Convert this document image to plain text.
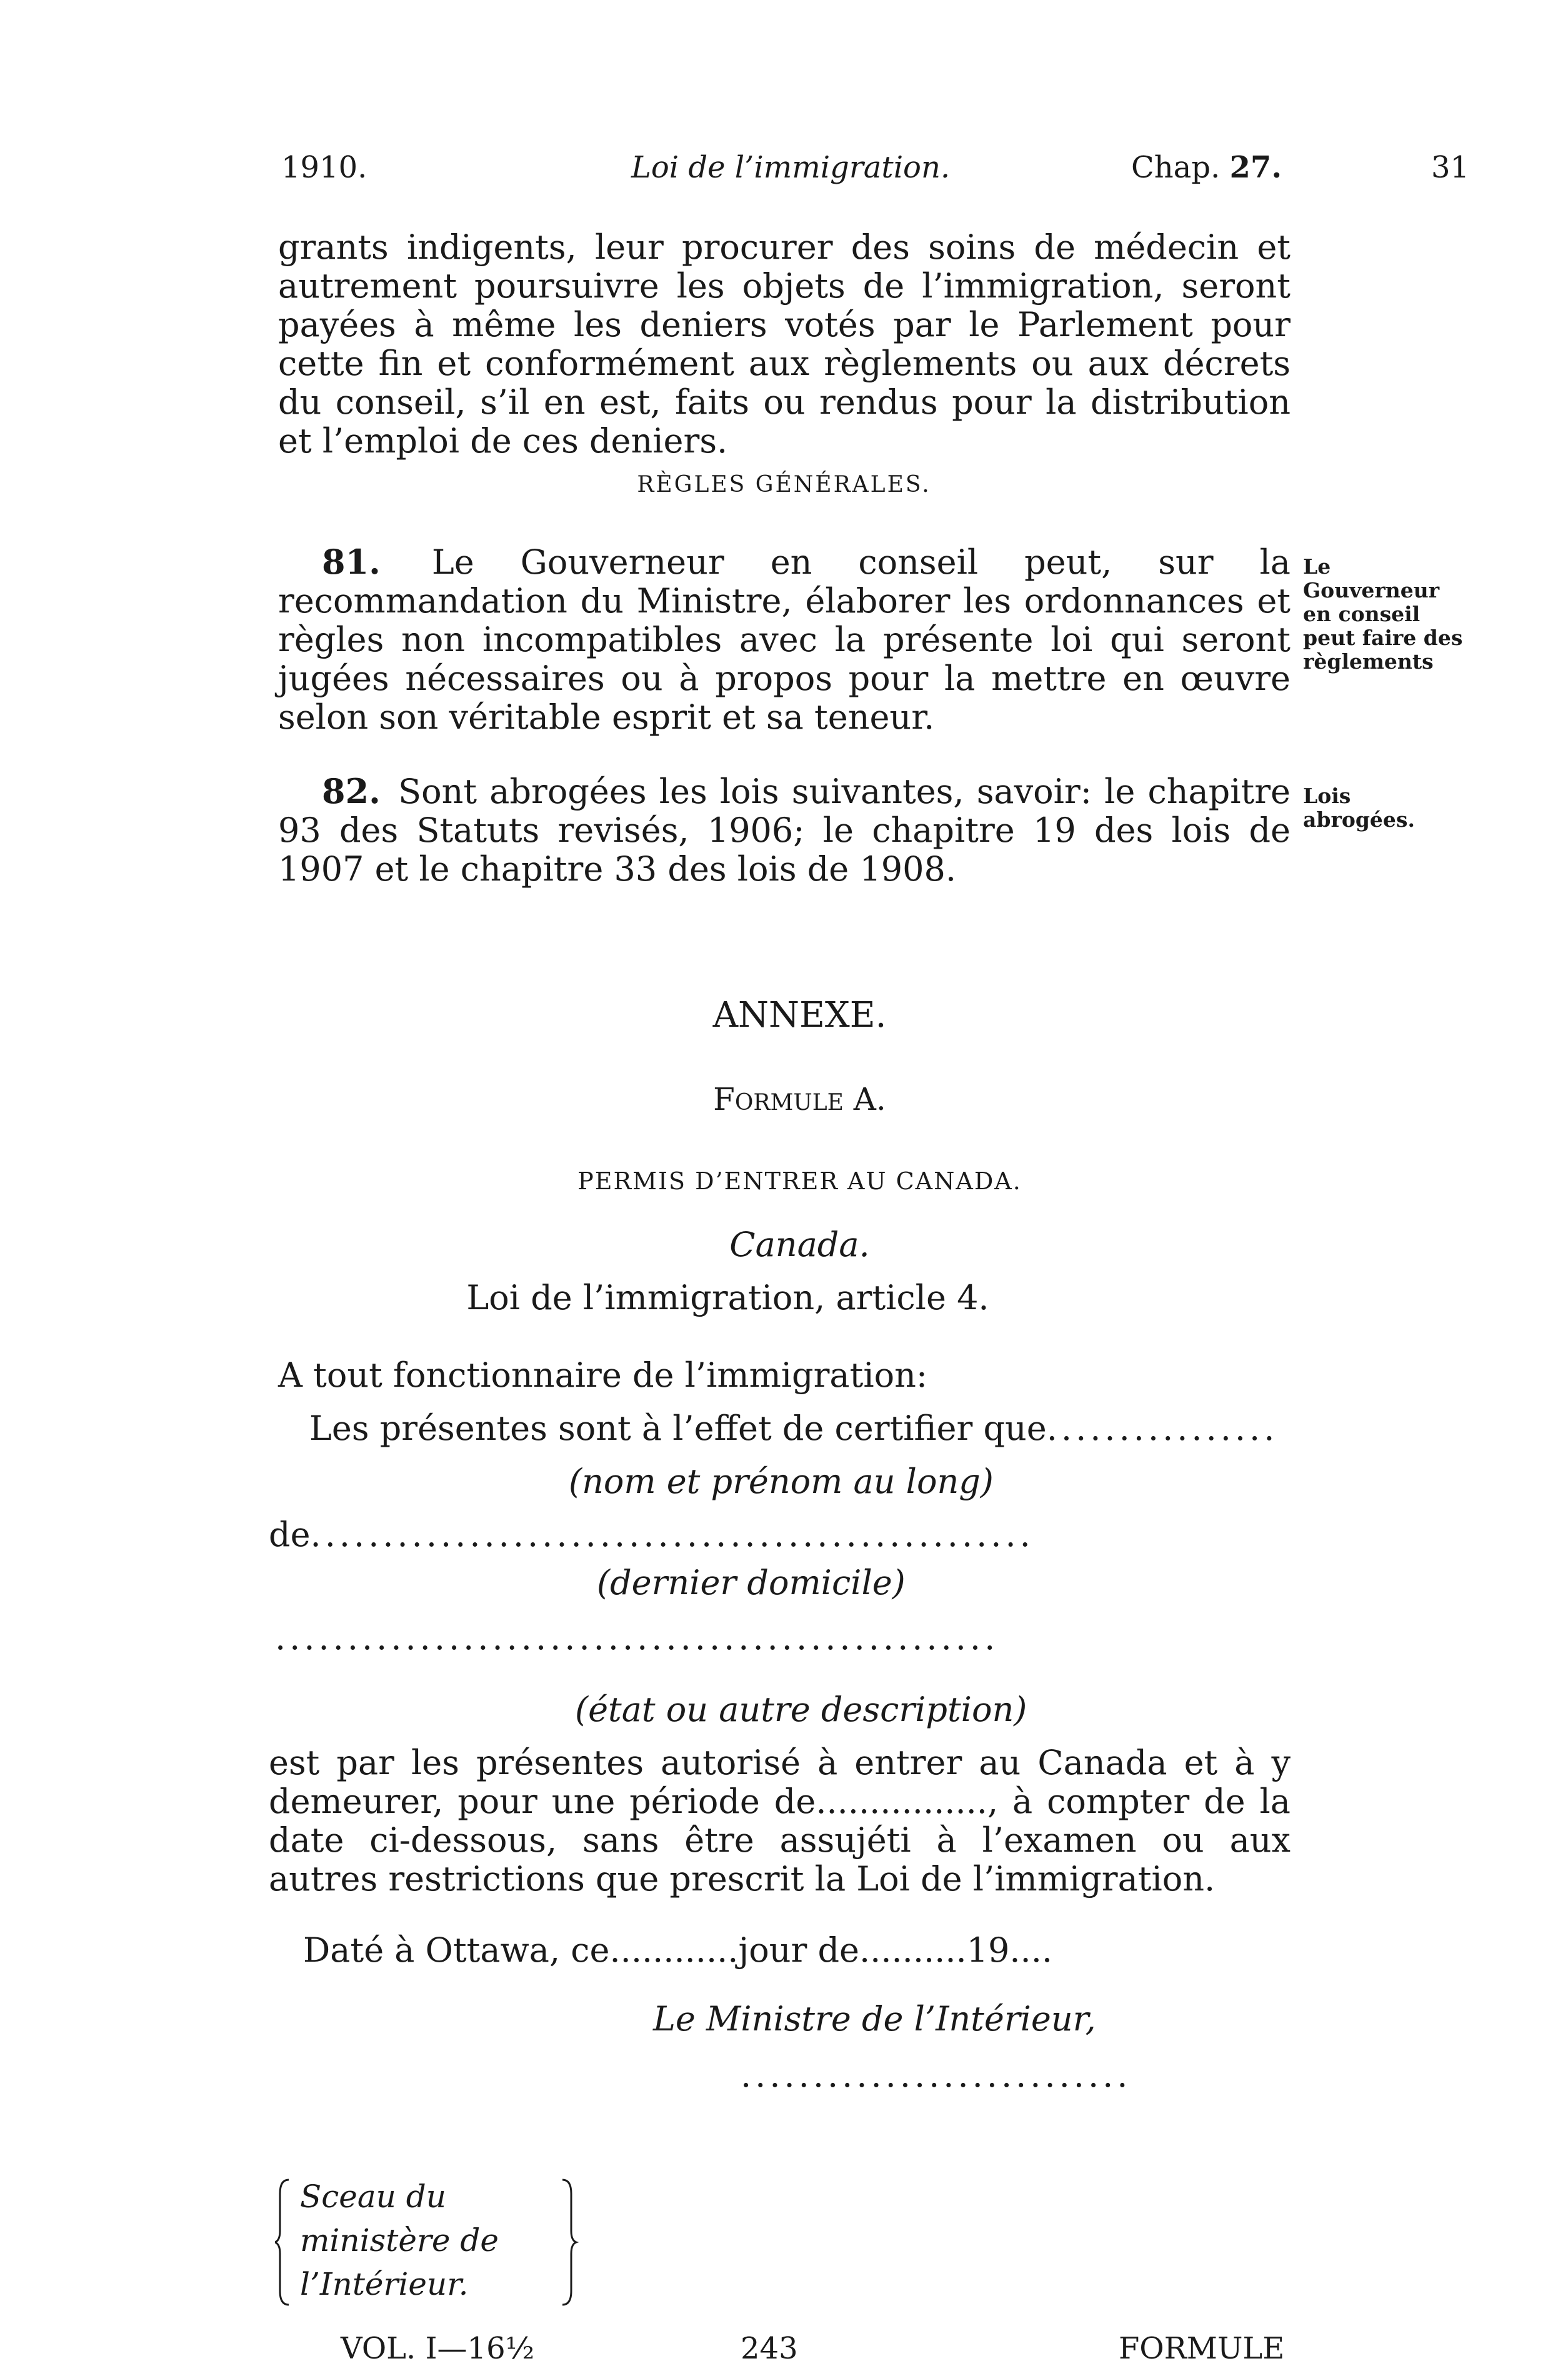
1910.	Loi de l’immigration.	Chap. 27.	31
grants indigents, leur procurer des soins de médecin et autrement poursuivre les objets de l’immigration, seront payées à même les deniers votés par le Parlement pour cette fin et conformément aux règlements ou aux décrets du conseil, s’il en est, faits ou rendus pour la distribution et l’emploi de ces deniers.
RÈGLES GÉNÉRALES.
81. Le Gouverneur en conseil peut, sur la recommandation du Ministre, élaborer les ordonnances et règles non incompatibles avec la présente loi qui seront jugées nécessaires ou à propos pour la mettre en œuvre selon son véritable esprit et sa teneur.
Le Gouverneur en conseil peut faire des règlements
82. Sont abrogées les lois suivantes, savoir: le chapitre 93 des Statuts revisés, 1906; le chapitre 19 des lois de 1907 et le chapitre 33 des lois de 1908.
Lois abrogées.
ANNEXE.
FORMULE A.
PERMIS D’ENTRER AU CANADA.
Canada.
Loi de l’immigration, article 4.
A tout fonctionnaire de l’immigration:
Les présentes sont à l’effet de certifier que................
(nom et prénom au long)
de..................................................
(dernier domicile)
..................................................
(état ou autre description)
est par les présentes autorisé à entrer au Canada et à y demeurer, pour une période de................, à compter de la date ci-dessous, sans être assujéti à l’examen ou aux autres restrictions que prescrit la Loi de l’immigration.
Daté à Ottawa, ce............jour de..........19....
Le Ministre de l’Intérieur,
...........................
Sceau du
ministère de
l’Intérieur.
VOL. I—16½	243	FORMULE
